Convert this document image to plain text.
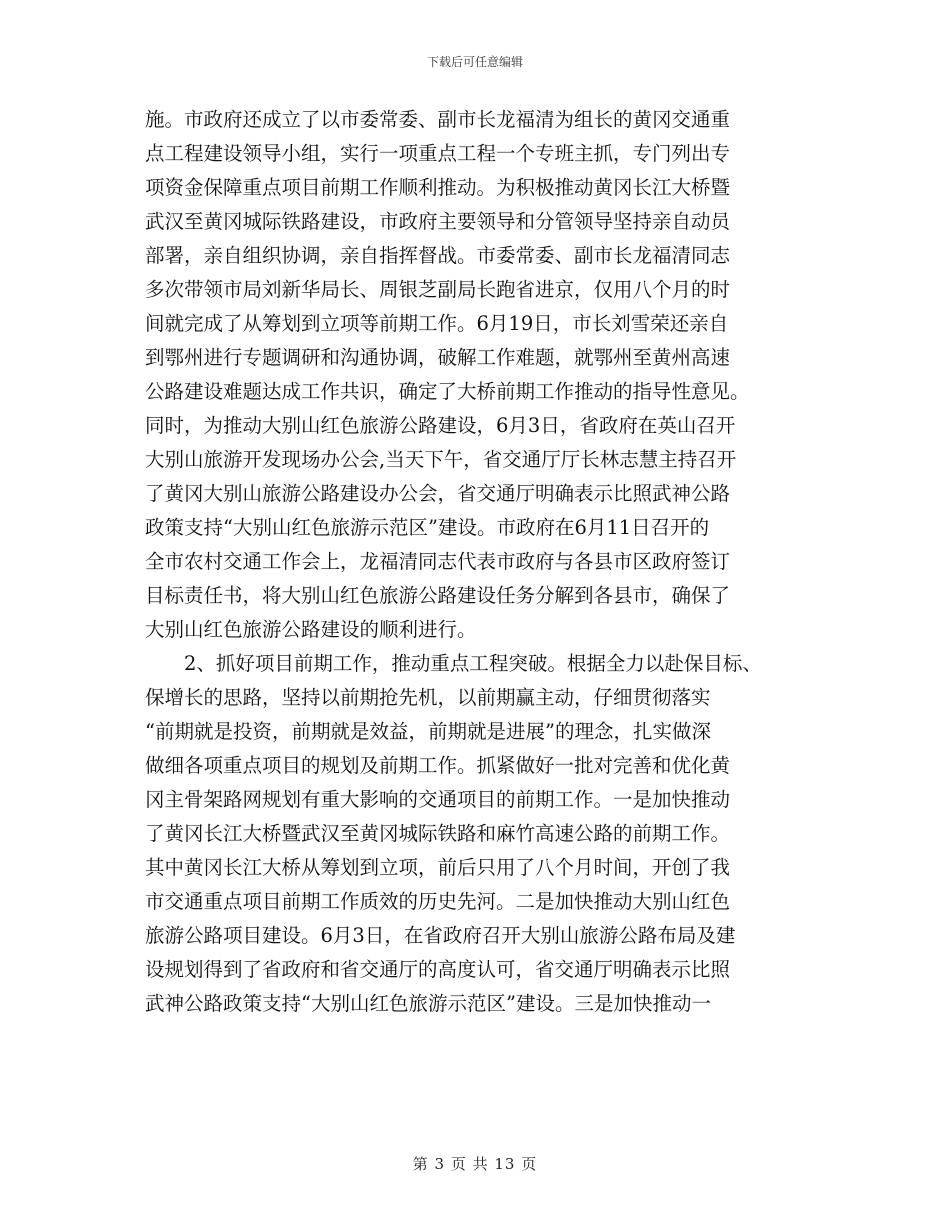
下载后可任意编辑
施。市政府还成立了以市委常委、副市长龙福清为组长的黄冈交通重
点工程建设领导小组，实行一项重点工程一个专班主抓，专门列出专
项资金保障重点项目前期工作顺利推动。为积极推动黄冈长江大桥暨
武汉至黄冈城际铁路建设，市政府主要领导和分管领导坚持亲自动员
部署，亲自组织协调，亲自指挥督战。市委常委、副市长龙福清同志
多次带领市局刘新华局长、周银芝副局长跑省进京，仅用八个月的时
间就完成了从筹划到立项等前期工作。6月19日，市长刘雪荣还亲自
到鄂州进行专题调研和沟通协调，破解工作难题，就鄂州至黄州高速
公路建设难题达成工作共识，确定了大桥前期工作推动的指导性意见。
同时，为推动大别山红色旅游公路建设，6月3日，省政府在英山召开
大别山旅游开发现场办公会,当天下午，省交通厅厅长林志慧主持召开
了黄冈大别山旅游公路建设办公会，省交通厅明确表示比照武神公路
政策支持“大别山红色旅游示范区”建设。市政府在6月11日召开的
全市农村交通工作会上，龙福清同志代表市政府与各县市区政府签订
目标责任书，将大别山红色旅游公路建设任务分解到各县市，确保了
大别山红色旅游公路建设的顺利进行。
　　2、抓好项目前期工作，推动重点工程突破。根据全力以赴保目标、
保增长的思路，坚持以前期抢先机，以前期赢主动，仔细贯彻落实
“前期就是投资，前期就是效益，前期就是进展”的理念，扎实做深
做细各项重点项目的规划及前期工作。抓紧做好一批对完善和优化黄
冈主骨架路网规划有重大影响的交通项目的前期工作。一是加快推动
了黄冈长江大桥暨武汉至黄冈城际铁路和麻竹高速公路的前期工作。
其中黄冈长江大桥从筹划到立项，前后只用了八个月时间，开创了我
市交通重点项目前期工作质效的历史先河。二是加快推动大别山红色
旅游公路项目建设。6月3日，在省政府召开大别山旅游公路布局及建
设规划得到了省政府和省交通厅的高度认可，省交通厅明确表示比照
武神公路政策支持“大别山红色旅游示范区”建设。三是加快推动一
第 3 页 共 13 页
